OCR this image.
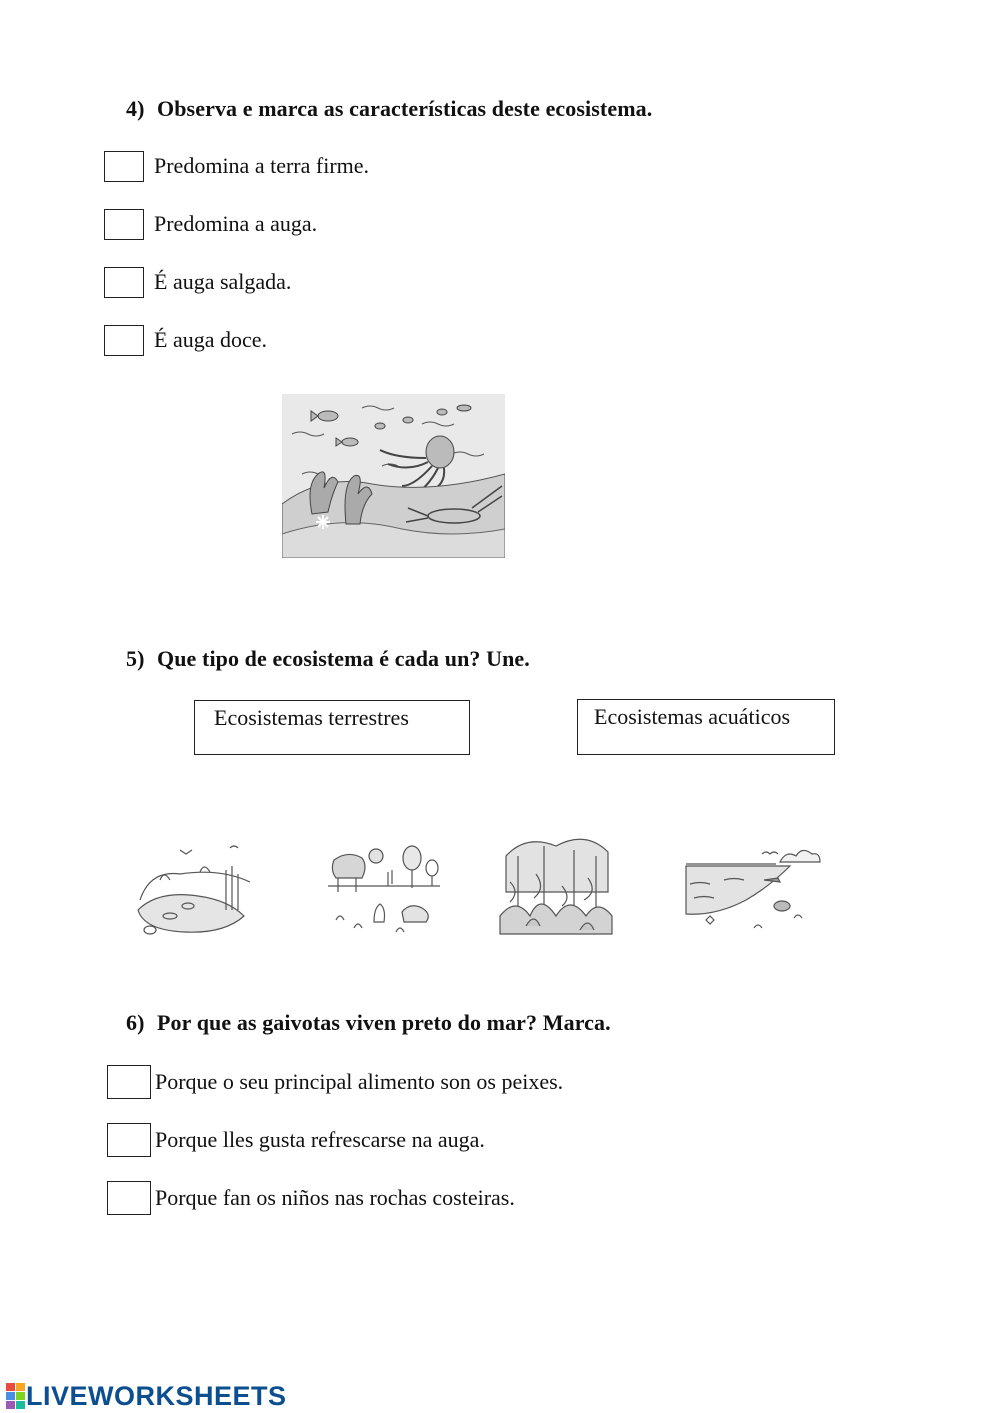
4) Observa e marca as características deste ecosistema.
Predomina a terra firme.
Predomina a auga.
É auga salgada.
É auga doce.
5) Que tipo de ecosistema é cada un? Une.
Ecosistemas terrestres	Ecosistemas acuáticos
6) Por que as gaivotas viven preto do mar? Marca.
Porque o seu principal alimento son os peixes.
Porque lles gusta refrescarse na auga.
Porque fan os niños nas rochas costeiras.
LIVEWORKSHEETS
